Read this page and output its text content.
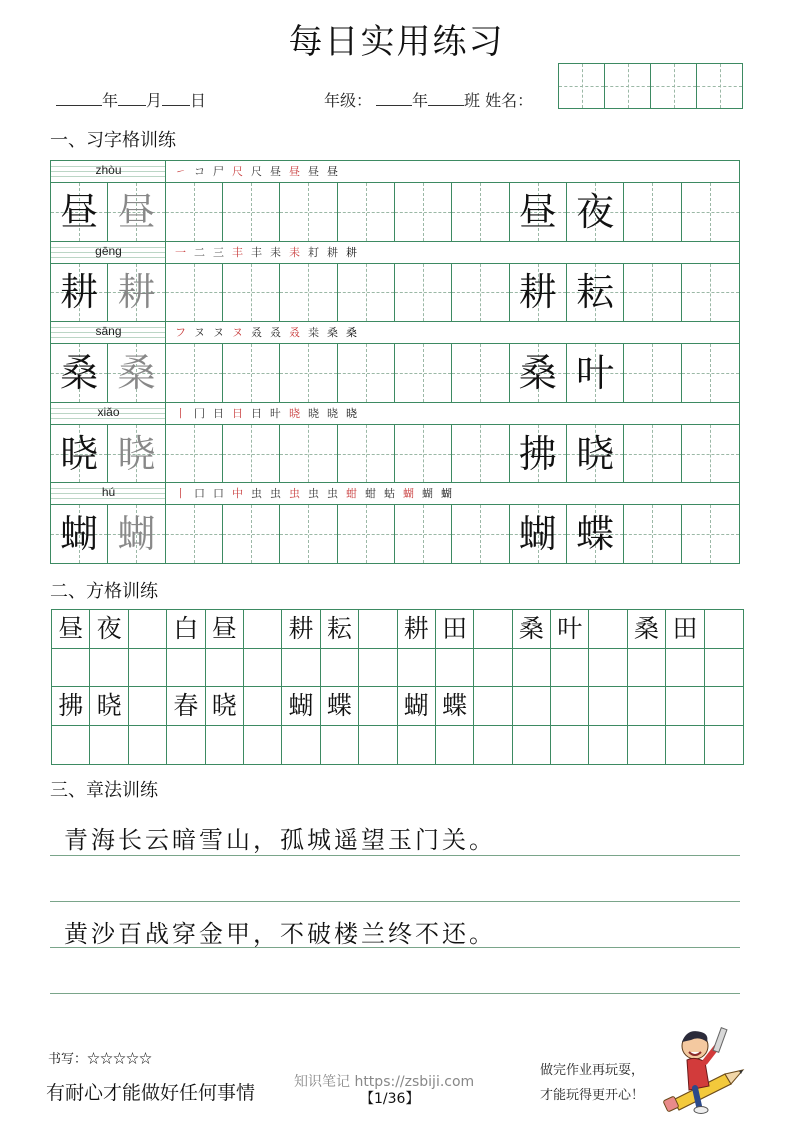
每日实用练习
年 月 日	年级：	年 班 姓名：
一、习字格训练
zhòu	㇀ コ 尸 尺 尺 昼 昼 昼 昼
昼 昼	昼 夜
gēng	一 二 三 丰 丰 耒 耒 耓 耕 耕
耕 耕	耕 耘
sāng	フ ヌ ヌ ヌ 叒 叒 叒 桒 桑 桑
桑 桑	桑 叶
xiǎo	丨 冂 日 日 日 旪 晓 晓 晓 晓
晓 晓	拂 晓
hú	丨 口 口 中 虫 虫 虫 虫 虫 蚶 蚶 蛄 蝴 蝴 蝴
蝴 蝴	蝴 蝶
二、方格训练
昼 夜 白 昼 耕 耘 耕 田 桑 叶 桑 田
拂 晓 春 晓 蝴 蝶 蝴 蝶
三、章法训练
青海长云暗雪山，孤城遥望玉门关。
黄沙百战穿金甲，不破楼兰终不还。
书写：☆☆☆☆☆
有耐心才能做好任何事情	知识笔记 https://zsbiji.com
【1/36】
做完作业再玩耍，
才能玩得更开心！
